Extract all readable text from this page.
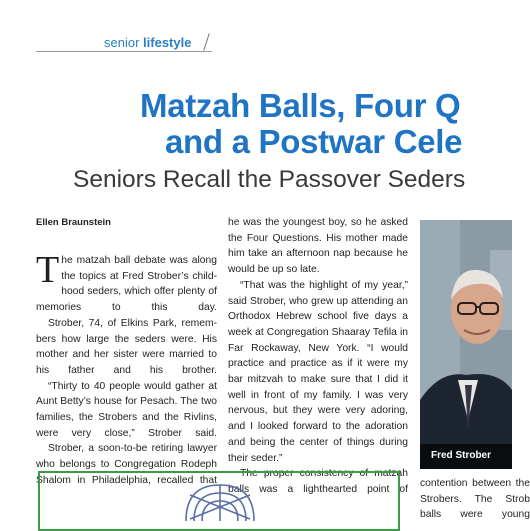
senior lifestyle
Matzah Balls, Four Q
and a Postwar Cele
Seniors Recall the Passover Seders
Ellen Braunstein

The matzah ball debate was along the topics at Fred Strober’s child-hood seders, which offer plenty of memories to this day.

Strober, 74, of Elkins Park, remem-bers how large the seders were. His mother and her sister were married to his father and his brother.

“Thirty to 40 people would gather at Aunt Betty’s house for Pesach. The two families, the Strobers and the Rivlins, were very close,” Strober said.

Strober, a soon-to-be retiring lawyer who belongs to Congregation Rodeph Shalom in Philadelphia, recalled that

he was the youngest boy, so he asked the Four Questions. His mother made him take an afternoon nap because he would be up so late.

“That was the highlight of my year,” said Strober, who grew up attending an Orthodox Hebrew school five days a week at Congregation Shaaray Tefila in Far Rockaway, New York. “I would practice and practice as if it were my bar mitzvah to make sure that I did it well in front of my family. I was very nervous, but they were very adoring, and I looked forward to the adoration and being the center of things during their seder.”

The proper consistency of matzah balls was a lighthearted point of

Fred Strober

contention between the Strobers. The Strob balls were young
